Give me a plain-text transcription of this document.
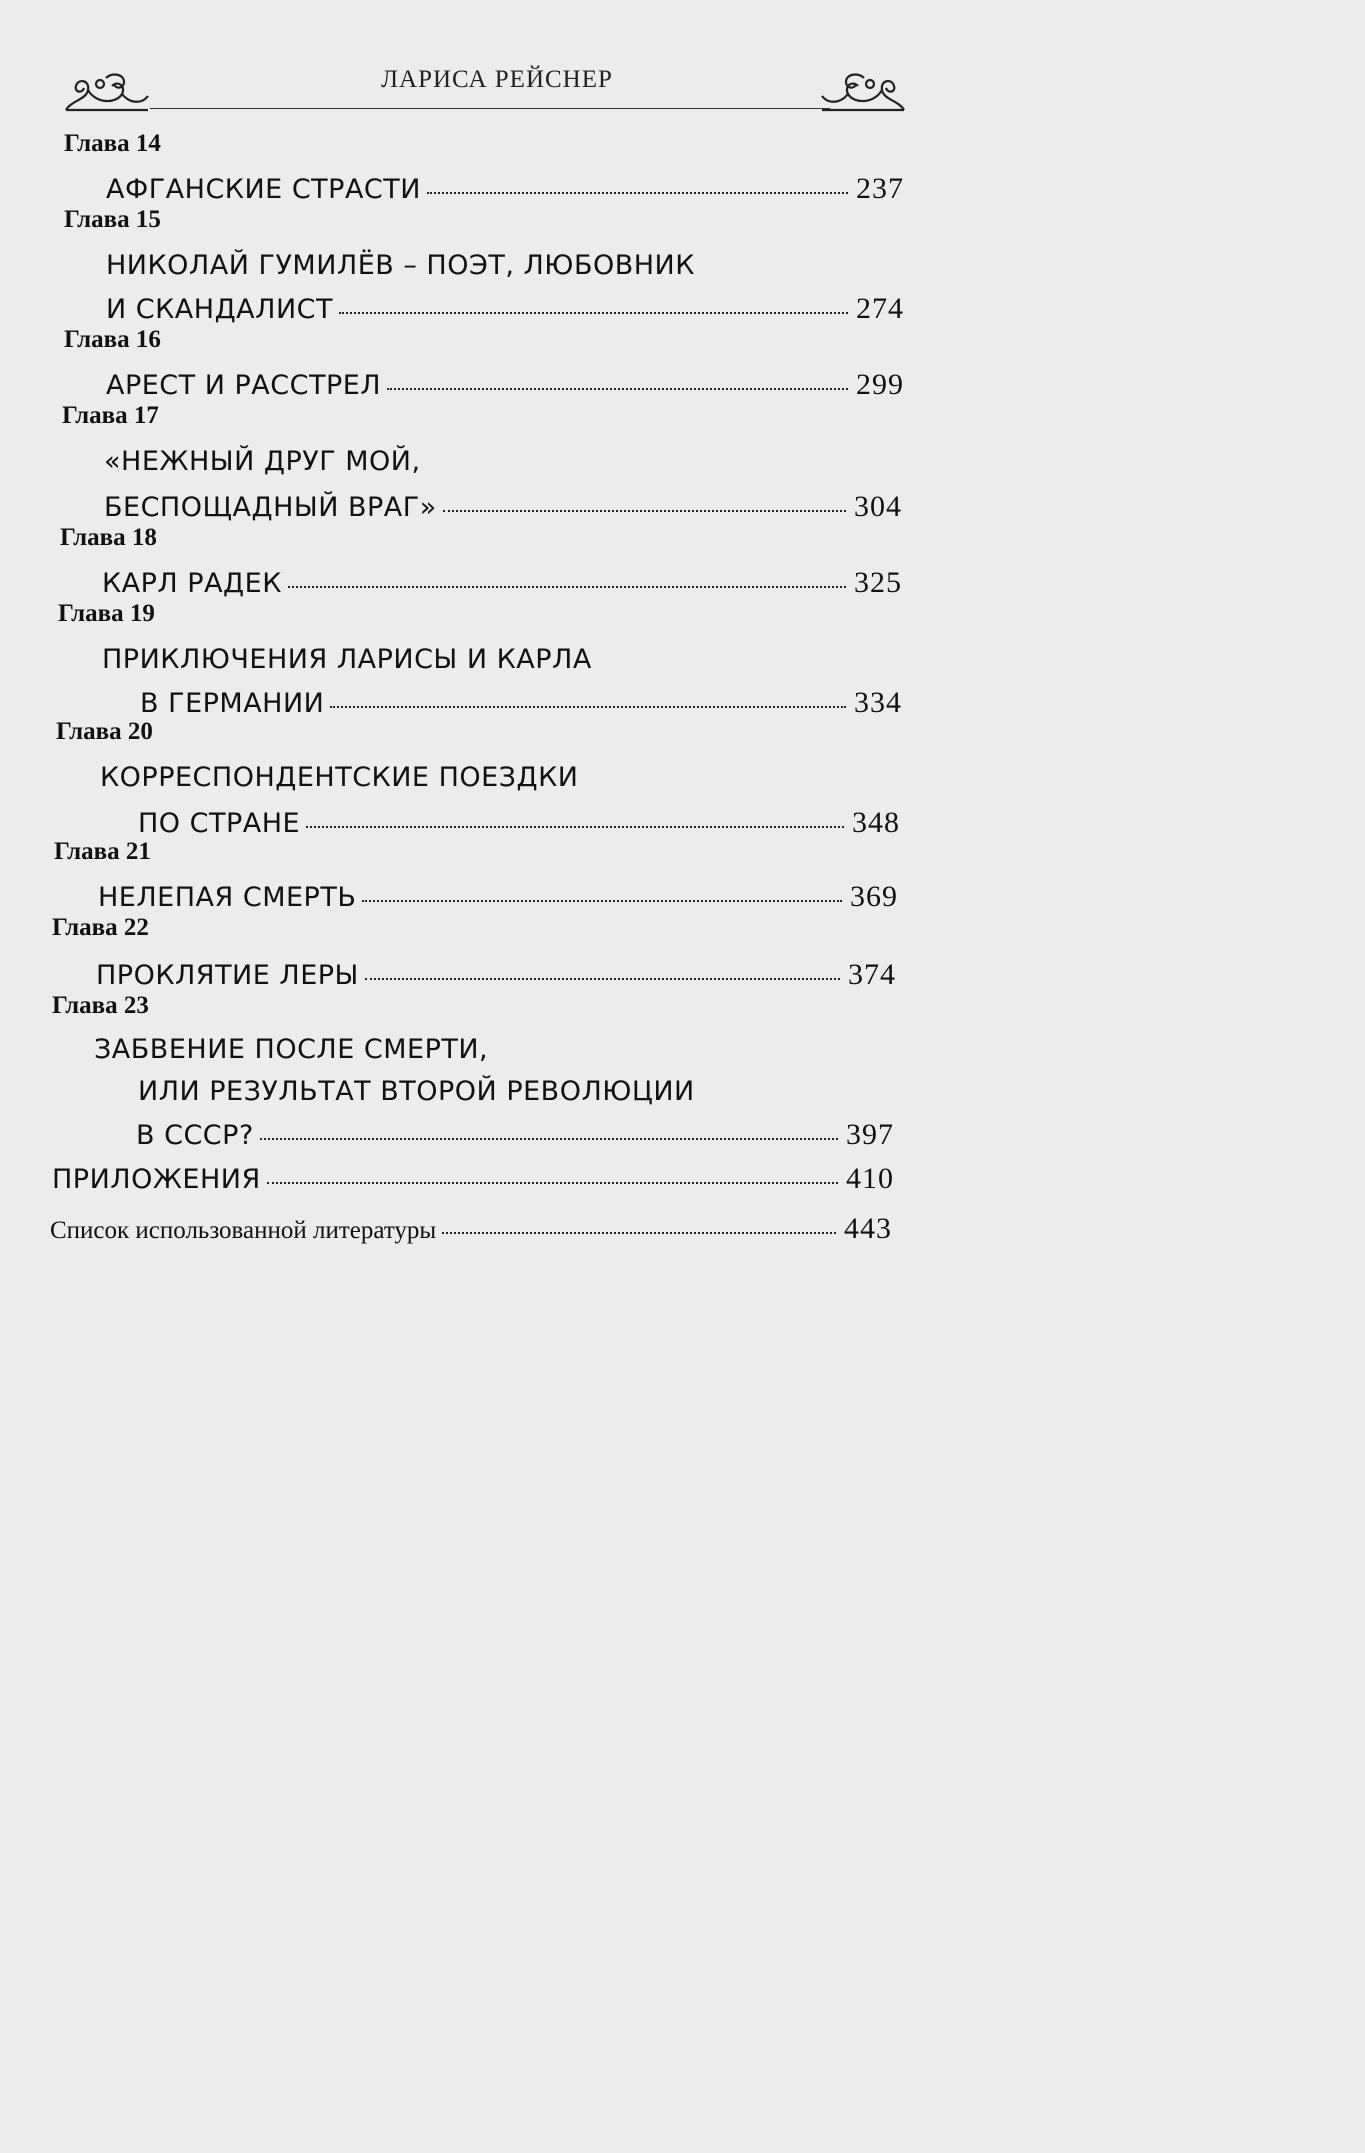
ЛАРИСА РЕЙСНЕР

Глава 14
АФГАНСКИЕ СТРАСТИ	237
Глава 15
НИКОЛАЙ ГУМИЛЁВ – ПОЭТ, ЛЮБОВНИК
И СКАНДАЛИСТ	274
Глава 16
АРЕСТ И РАССТРЕЛ	299
Глава 17
«НЕЖНЫЙ ДРУГ МОЙ,
БЕСПОЩАДНЫЙ ВРАГ»	304
Глава 18
КАРЛ РАДЕК	325
Глава 19
ПРИКЛЮЧЕНИЯ ЛАРИСЫ И КАРЛА
В ГЕРМАНИИ	334
Глава 20
КОРРЕСПОНДЕНТСКИЕ ПОЕЗДКИ
ПО СТРАНЕ	348
Глава 21
НЕЛЕПАЯ СМЕРТЬ	369
Глава 22
ПРОКЛЯТИЕ ЛЕРЫ	374
Глава 23
ЗАБВЕНИЕ ПОСЛЕ СМЕРТИ,
ИЛИ РЕЗУЛЬТАТ ВТОРОЙ РЕВОЛЮЦИИ
В СССР?	397
ПРИЛОЖЕНИЯ	410
Список использованной литературы	443
